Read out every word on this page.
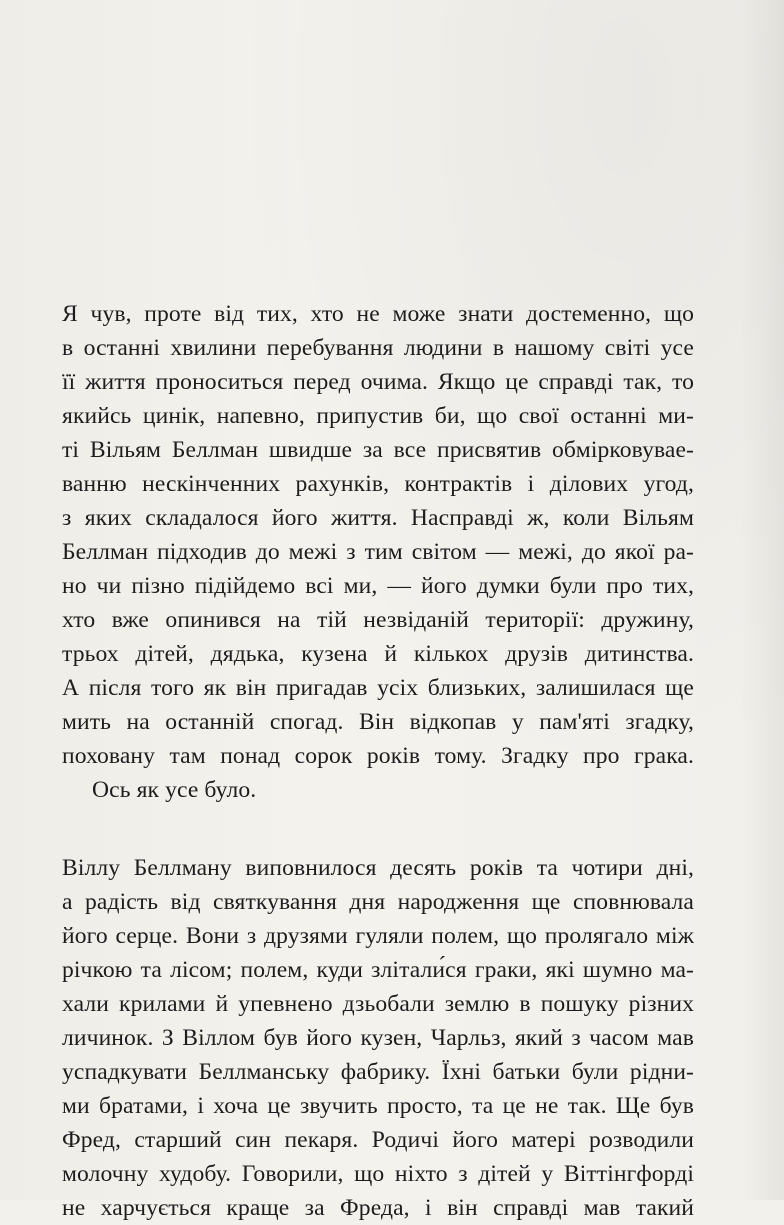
Я чув, проте від тих, хто не може знати достеменно, що
в останні хвилини перебування людини в нашому світі усе
її життя проноситься перед очима. Якщо це справді так, то
якийсь цинік, напевно, припустив би, що свої останні ми-
ті Вільям Беллман швидше за все присвятив обмірковувае-
ванню нескінченних рахунків, контрактів і ділових угод,
з яких складалося його життя. Насправді ж, коли Вільям
Беллман підходив до межі з тим світом — межі, до якої ра-
но чи пізно підійдемо всі ми, — його думки були про тих,
хто вже опинився на тій незвіданій території: дружину,
трьох дітей, дядька, кузена й кількох друзів дитинства.
А після того як він пригадав усіх близьких, залишилася ще
мить на останній спогад. Він відкопав у пам'яті згадку,
поховану там понад сорок років тому. Згадку про грака.
Ось як усе було.
Віллу Беллману виповнилося десять років та чотири дні,
а радість від святкування дня народження ще сповнювала
його серце. Вони з друзями гуляли полем, що пролягало між
річкою та лісом; полем, куди злітали́ся граки, які шумно ма-
хали крилами й упевнено дзьобали землю в пошуку різних
личинок. З Віллом був його кузен, Чарльз, який з часом мав
успадкувати Беллманську фабрику. Їхні батьки були рідни-
ми братами, і хоча це звучить просто, та це не так. Ще був
Фред, старший син пекаря. Родичі його матері розводили
молочну худобу. Говорили, що ніхто з дітей у Віттінгфорді
не харчується краще за Фреда, і він справді мав такий
